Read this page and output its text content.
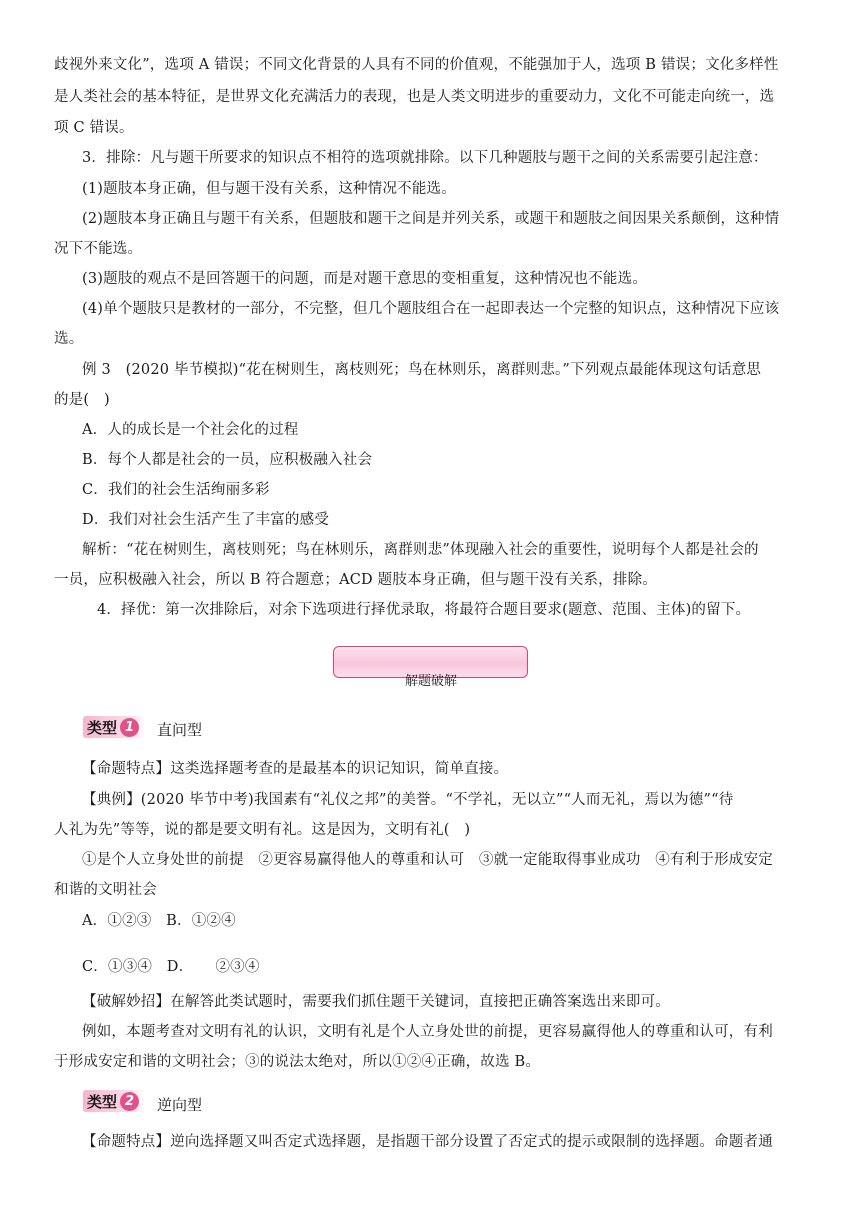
歧视外来文化”，选项 A 错误；不同文化背景的人具有不同的价值观，不能强加于人，选项 B 错误；文化多样性
是人类社会的基本特征，是世界文化充满活力的表现，也是人类文明进步的重要动力，文化不可能走向统一，选
项 C 错误。
3．排除：凡与题干所要求的知识点不相符的选项就排除。以下几种题肢与题干之间的关系需要引起注意：
(1)题肢本身正确，但与题干没有关系，这种情况不能选。
(2)题肢本身正确且与题干有关系，但题肢和题干之间是并列关系，或题干和题肢之间因果关系颠倒，这种情
况下不能选。
(3)题肢的观点不是回答题干的问题，而是对题干意思的变相重复，这种情况也不能选。
(4)单个题肢只是教材的一部分，不完整，但几个题肢组合在一起即表达一个完整的知识点，这种情况下应该
选。
例 3　(2020 毕节模拟)“花在树则生，离枝则死；鸟在林则乐，离群则悲。”下列观点最能体现这句话意思
的是(　)
A．人的成长是一个社会化的过程
B．每个人都是社会的一员，应积极融入社会
C．我们的社会生活绚丽多彩
D．我们对社会生活产生了丰富的感受
解析：“花在树则生，离枝则死；鸟在林则乐，离群则悲”体现融入社会的重要性，说明每个人都是社会的
一员，应积极融入社会，所以 B 符合题意；ACD 题肢本身正确，但与题干没有关系，排除。
4．择优：第一次排除后，对余下选项进行择优录取，将最符合题目要求(题意、范围、主体)的留下。
解题破解
类型 1	直问型
【命题特点】这类选择题考查的是最基本的识记知识，简单直接。
【典例】(2020 毕节中考)我国素有“礼仪之邦”的美誉。“不学礼，无以立”“人而无礼，焉以为德”“待
人礼为先”等等，说的都是要文明有礼。这是因为，文明有礼(　)
①是个人立身处世的前提　②更容易赢得他人的尊重和认可　③就一定能取得事业成功　④有利于形成安定
和谐的文明社会
A．①②③　B．①②④
C．①③④　D．　　②③④
【破解妙招】在解答此类试题时，需要我们抓住题干关键词，直接把正确答案选出来即可。
例如，本题考查对文明有礼的认识，文明有礼是个人立身处世的前提，更容易赢得他人的尊重和认可，有利
于形成安定和谐的文明社会；③的说法太绝对，所以①②④正确，故选 B。
类型 2	逆向型
【命题特点】逆向选择题又叫否定式选择题，是指题干部分设置了否定式的提示或限制的选择题。命题者通
